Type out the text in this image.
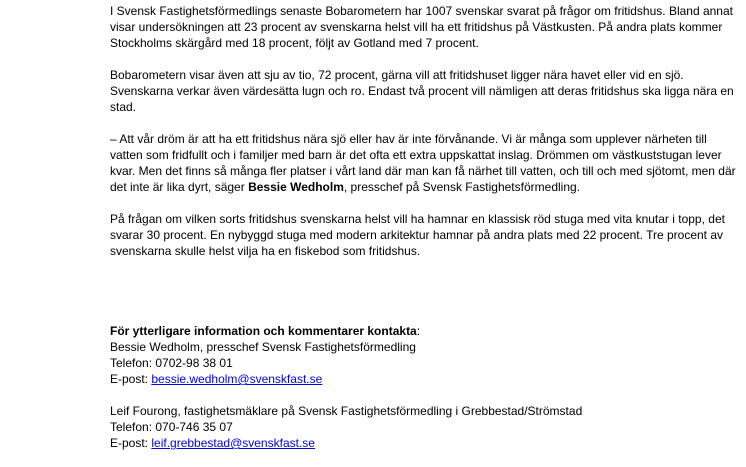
I Svensk Fastighetsförmedlings senaste Bobarometern har 1007 svenskar svarat på frågor om fritidshus. Bland annat visar undersökningen att 23 procent av svenskarna helst vill ha ett fritidshus på Västkusten. På andra plats kommer Stockholms skärgård med 18 procent, följt av Gotland med 7 procent.

Bobarometern visar även att sju av tio, 72 procent, gärna vill att fritidshuset ligger nära havet eller vid en sjö. Svenskarna verkar även värdesätta lugn och ro. Endast två procent vill nämligen att deras fritidshus ska ligga nära en stad.

– Att vår dröm är att ha ett fritidshus nära sjö eller hav är inte förvånande. Vi är många som upplever närheten till vatten som fridfullt och i familjer med barn är det ofta ett extra uppskattat inslag. Drömmen om västkuststugan lever kvar. Men det finns så många fler platser i vårt land där man kan få närhet till vatten, och till och med sjötomt, men där det inte är lika dyrt, säger Bessie Wedholm, presschef på Svensk Fastighetsförmedling.

På frågan om vilken sorts fritidshus svenskarna helst vill ha hamnar en klassisk röd stuga med vita knutar i topp, det svarar 30 procent. En nybyggd stuga med modern arkitektur hamnar på andra plats med 22 procent. Tre procent av svenskarna skulle helst vilja ha en fiskebod som fritidshus.

För ytterligare information och kommentarer kontakta:

Bessie Wedholm, presschef Svensk Fastighetsförmedling

Telefon: 0702-98 38 01

E-post: bessie.wedholm@svenskfast.se

Leif Fourong, fastighetsmäklare på Svensk Fastighetsförmedling i Grebbestad/Strömstad

Telefon: 070-746 35 07

E-post: leif.grebbestad@svenskfast.se
